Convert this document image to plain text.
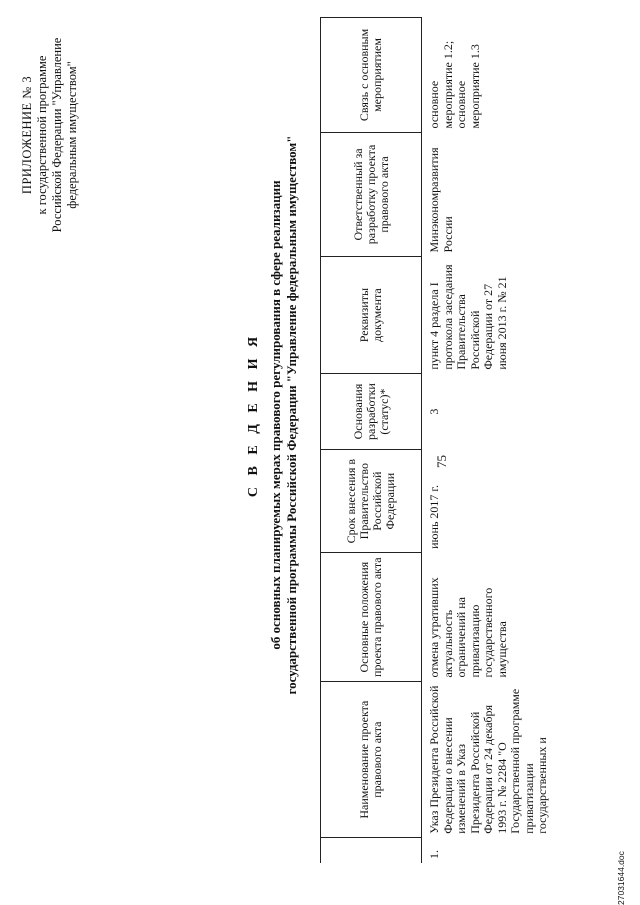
75
ПРИЛОЖЕНИЕ № 3 к государственной программе Российской Федерации "Управление федеральным имуществом"
С В Е Д Е Н И Я об основных планируемых мерах правового регулирования в сфере реализации государственной программы Российской Федерации "Управление федеральным имуществом"
	Наименование проекта правового акта	Основные положения проекта правового акта	Срок внесения в Правительство Российской Федерации	Основания разработки (статус)*	Реквизиты документа	Ответственный за разработку проекта правового акта	Связь с основным мероприятием
1.	Указ Президента Российской Федерации о внесении изменений в Указ Президента Российской Федерации от 24 декабря 1993 г. № 2284 "О Государственной программе приватизации государственных и	отмена утративших актуальность ограничений на приватизацию государственного имущества	июнь 2017 г.	3	пункт 4 раздела I протокола заседания Правительства Российской Федерации от 27 июня 2013 г. № 21	Минэкономразвития России	основное мероприятие 1.2; основное мероприятие 1.3
27031644.doc
